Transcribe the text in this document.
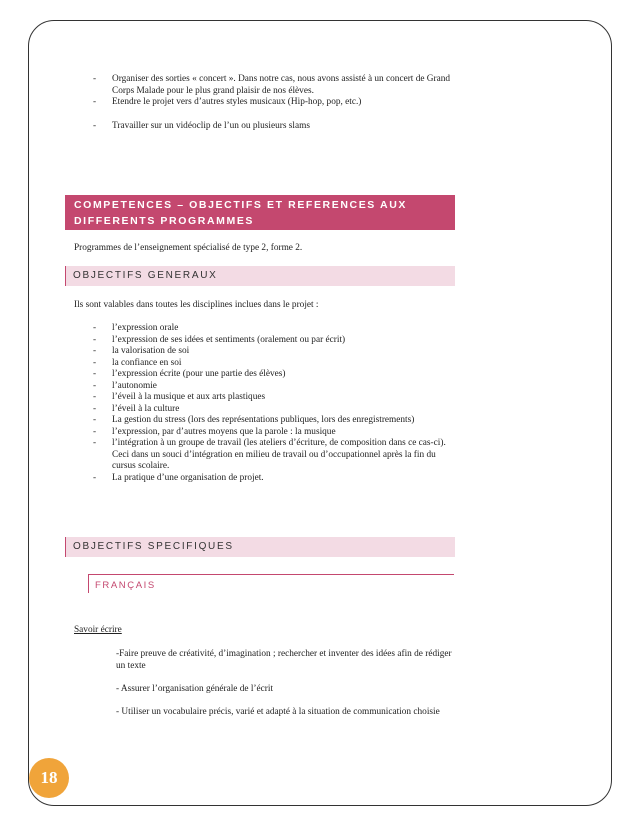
- Organiser des sorties « concert ». Dans notre cas, nous avons assisté à un concert de Grand Corps Malade pour le plus grand plaisir de nos élèves.
- Etendre le projet vers d’autres styles musicaux (Hip-hop, pop, etc.)
- Travailler sur un vidéoclip de l’un ou plusieurs slams
COMPETENCES – OBJECTIFS ET REFERENCES AUX DIFFERENTS PROGRAMMES
Programmes de l’enseignement spécialisé de type 2, forme 2.
OBJECTIFS GENERAUX
Ils sont valables dans toutes les disciplines inclues dans le projet :
- l’expression orale
- l’expression de ses idées et sentiments (oralement ou par écrit)
- la valorisation de soi
- la confiance en soi
- l’expression écrite (pour une partie des élèves)
- l’autonomie
- l’éveil à la musique et aux arts plastiques
- l’éveil à la culture
- La gestion du stress (lors des représentations publiques, lors des enregistrements)
- l’expression, par d’autres moyens que la parole : la musique
- l’intégration à un groupe de travail (les ateliers d’écriture, de composition dans ce cas-ci). Ceci dans un souci d’intégration en milieu de travail ou d’occupationnel après la fin du cursus scolaire.
- La pratique d’une organisation de projet.
OBJECTIFS SPECIFIQUES
FRANÇAIS
Savoir écrire
-Faire preuve de créativité, d’imagination ; rechercher et inventer des idées afin de rédiger un texte
- Assurer l’organisation générale de l’écrit
- Utiliser un vocabulaire précis, varié et adapté à la situation de communication choisie
18
